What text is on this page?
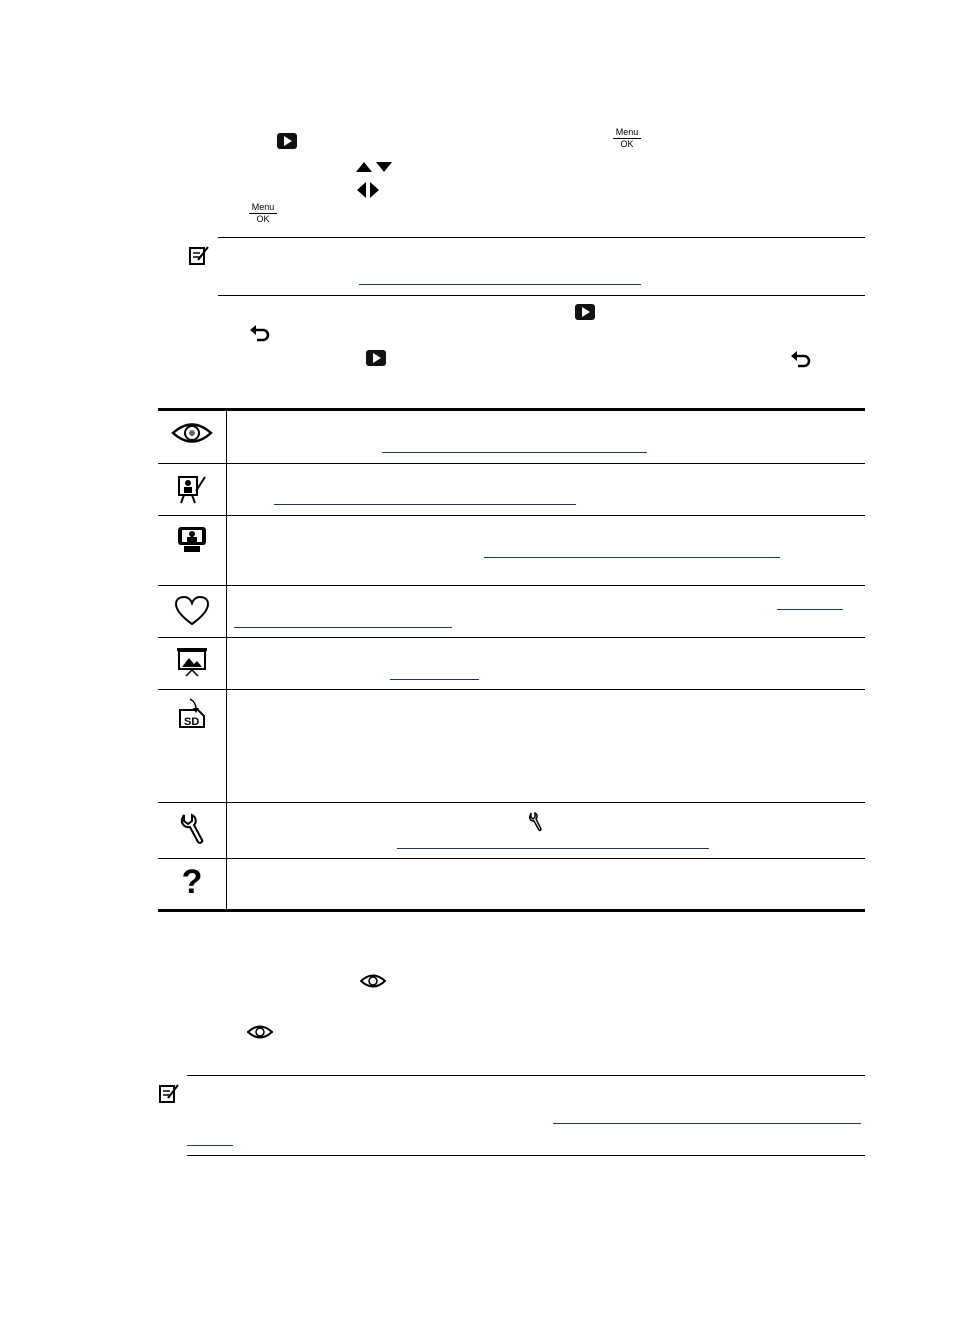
Menu
OK
Menu
OK
SD
?
